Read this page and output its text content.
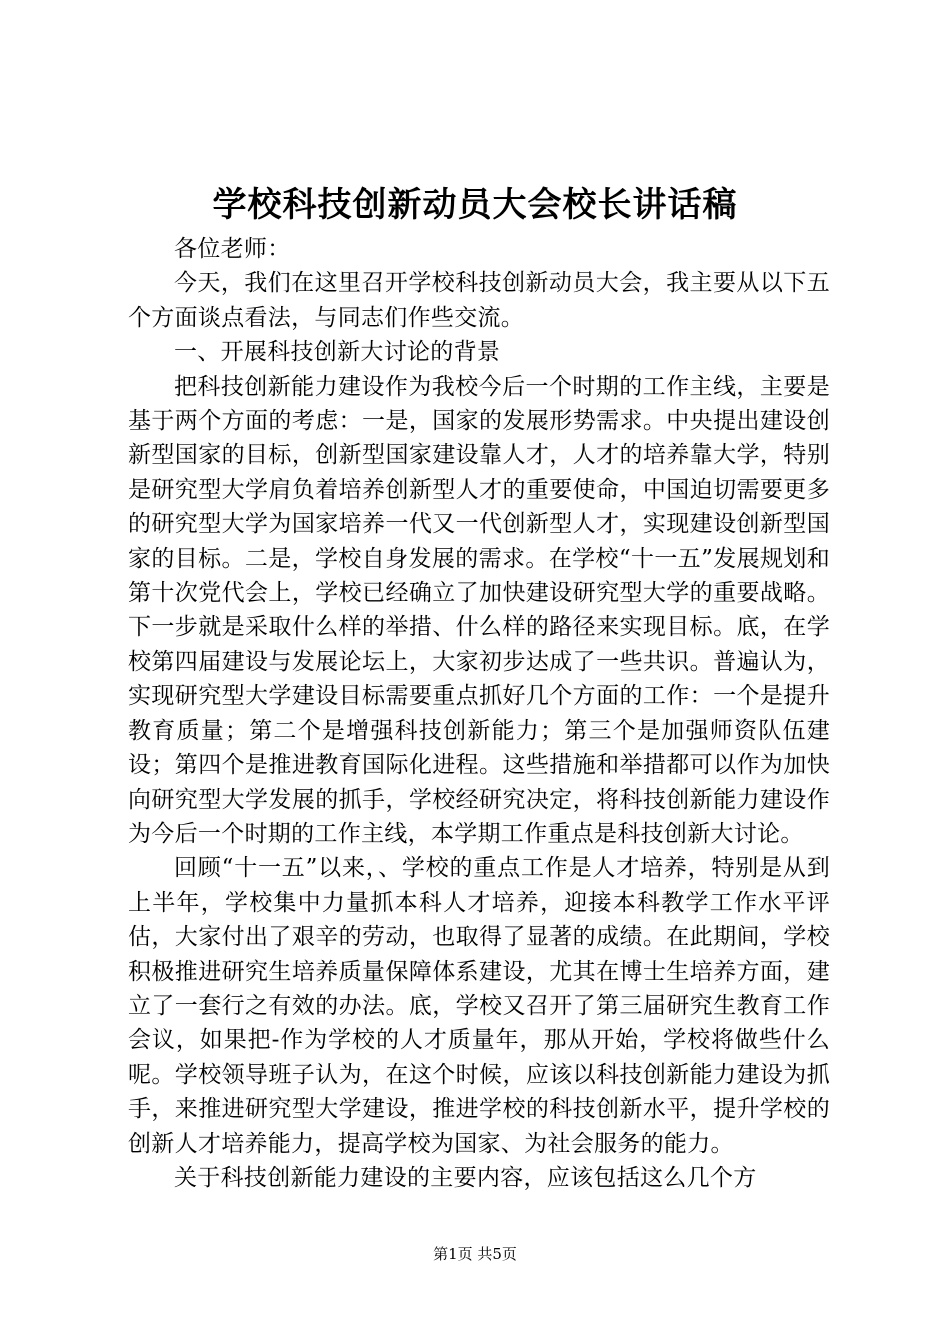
学校科技创新动员大会校长讲话稿

各位老师：

今天，我们在这里召开学校科技创新动员大会，我主要从以下五个方面谈点看法，与同志们作些交流。

一、开展科技创新大讨论的背景

把科技创新能力建设作为我校今后一个时期的工作主线，主要是基于两个方面的考虑：一是，国家的发展形势需求。中央提出建设创新型国家的目标，创新型国家建设靠人才，人才的培养靠大学，特别是研究型大学肩负着培养创新型人才的重要使命，中国迫切需要更多的研究型大学为国家培养一代又一代创新型人才，实现建设创新型国家的目标。二是，学校自身发展的需求。在学校“十一五”发展规划和第十次党代会上，学校已经确立了加快建设研究型大学的重要战略。下一步就是采取什么样的举措、什么样的路径来实现目标。底，在学校第四届建设与发展论坛上，大家初步达成了一些共识。普遍认为，实现研究型大学建设目标需要重点抓好几个方面的工作：一个是提升教育质量；第二个是增强科技创新能力；第三个是加强师资队伍建设；第四个是推进教育国际化进程。这些措施和举措都可以作为加快向研究型大学发展的抓手，学校经研究决定，将科技创新能力建设作为今后一个时期的工作主线，本学期工作重点是科技创新大讨论。

回顾“十一五”以来，、学校的重点工作是人才培养，特别是从到上半年，学校集中力量抓本科人才培养，迎接本科教学工作水平评估，大家付出了艰辛的劳动，也取得了显著的成绩。在此期间，学校积极推进研究生培养质量保障体系建设，尤其在博士生培养方面，建立了一套行之有效的办法。底，学校又召开了第三届研究生教育工作会议，如果把-作为学校的人才质量年，那从开始，学校将做些什么呢。学校领导班子认为，在这个时候，应该以科技创新能力建设为抓手，来推进研究型大学建设，推进学校的科技创新水平，提升学校的创新人才培养能力，提高学校为国家、为社会服务的能力。

关于科技创新能力建设的主要内容，应该包括这么几个方

第1页 共5页
